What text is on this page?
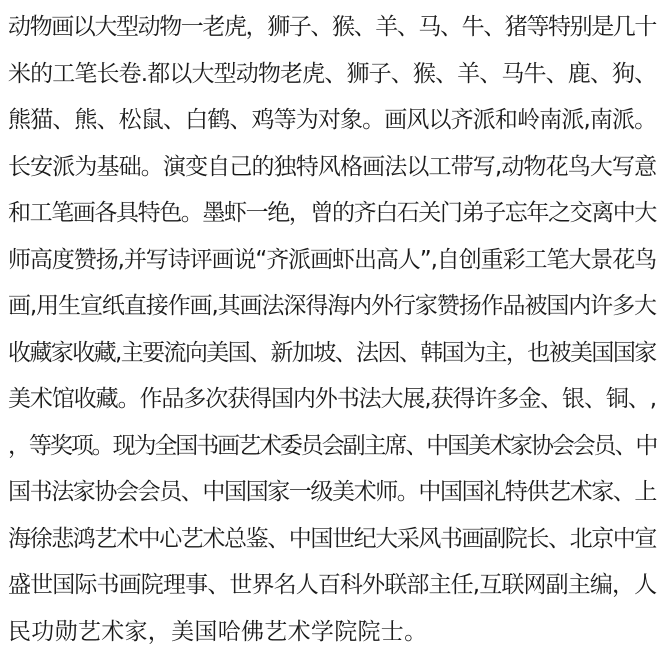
动物画以大型动物一老虎，狮子、猴、羊、马、牛、猪等特别是几十
米的工笔长卷.都以大型动物老虎、狮子、猴、羊、马牛、鹿、狗、
熊猫、熊、松鼠、白鹤、鸡等为对象。画风以齐派和岭南派,南派。
长安派为基础。演变自己的独特风格画法以工带写,动物花鸟大写意
和工笔画各具特色。墨虾一绝，曾的齐白石关门弟子忘年之交离中大
师高度赞扬,并写诗评画说“齐派画虾出高人”,自创重彩工笔大景花鸟
画,用生宣纸直接作画,其画法深得海内外行家赞扬作品被国内许多大
收藏家收藏,主要流向美国、新加坡、法因、韩国为主，也被美国国家
美术馆收藏。作品多次获得国内外书法大展,获得许多金、银、铜、,
，等奖项。现为全国书画艺术委员会副主席、中国美术家协会会员、中
国书法家协会会员、中国国家一级美术师。中国国礼特供艺术家、上
海徐悲鸿艺术中心艺术总鉴、中国世纪大采风书画副院长、北京中宣
盛世国际书画院理事、世界名人百科外联部主任,互联网副主编，人
民功勋艺术家，美国哈佛艺术学院院士。
